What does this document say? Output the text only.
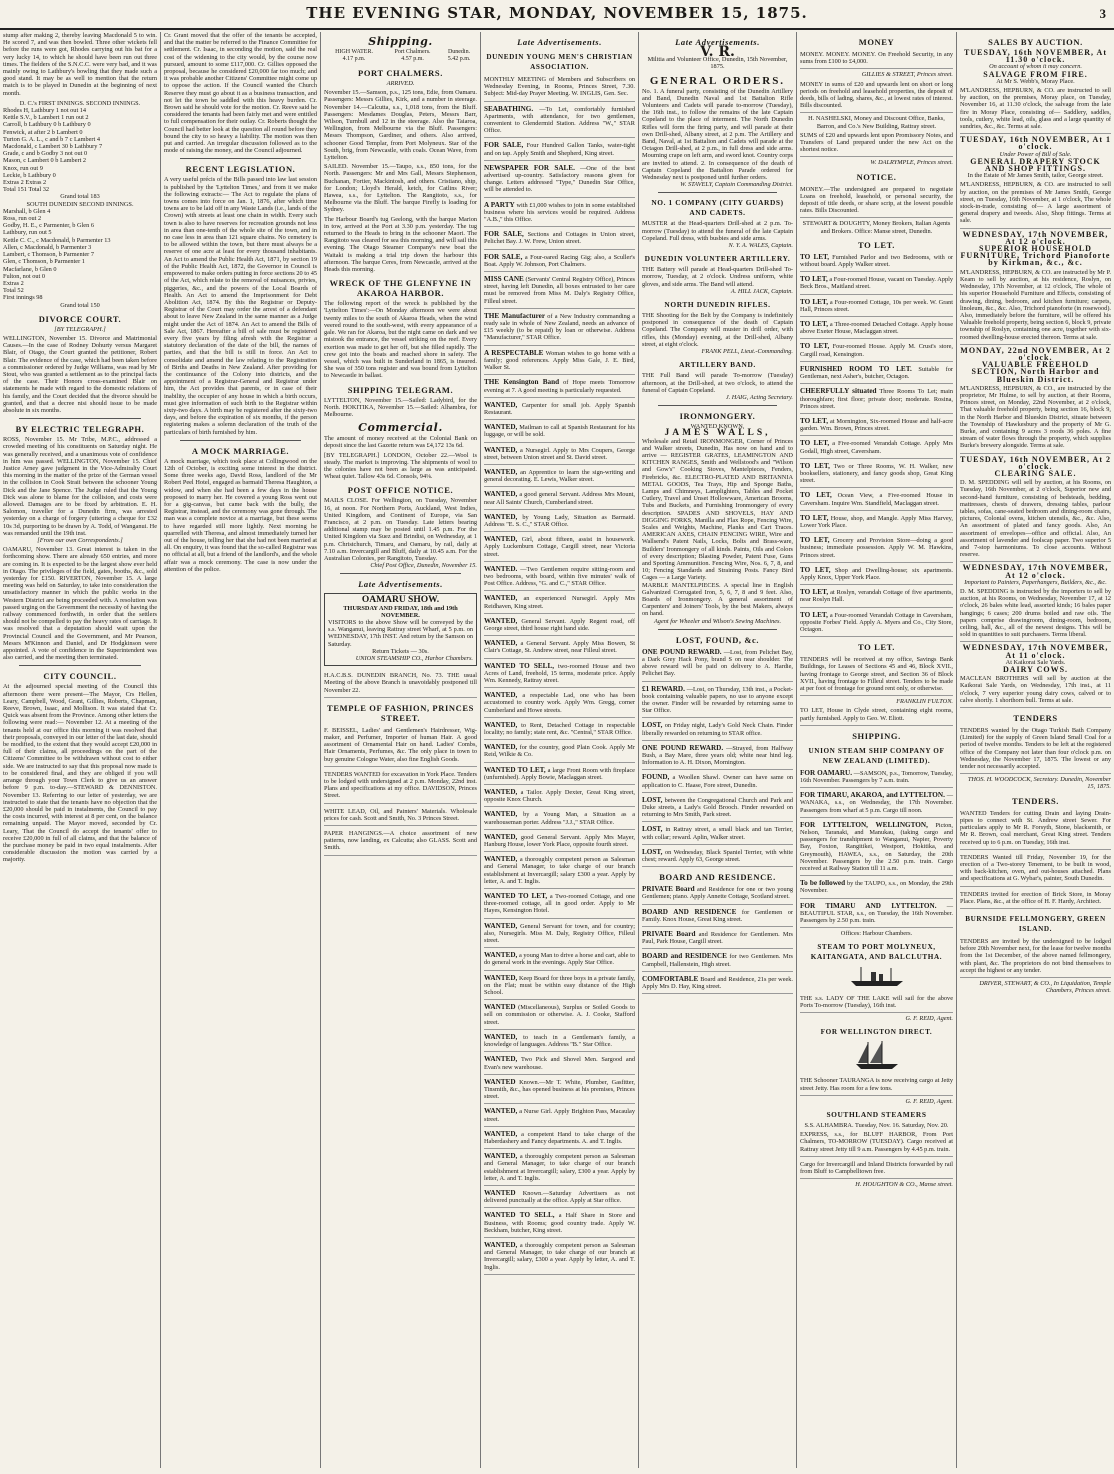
THE EVENING STAR, MONDAY, NOVEMBER 15, 1875.	3

stump after making 2, thereby leaving Macdonald 5 to win. He scored 7, and was then bowled. Three other wickets fell before the runs were got, Rhodes carrying out his bat for a very lucky 14, to which he should have been run out three times. The fielders of the S.N.C.C. were very bad, and it was mainly owing to Lathbury's bowling that they made such a good stand. It may be as well to mention that the return match is to be played in Dunedin at the beginning of next month.

D. C.'s FIRST INNINGS. SECOND INNINGS.
Rhodes H, Lathbury 1 not out 14
Kettle S.V., b Lambert 1 run out 2
Carroll, b Lathbury 0 b Lathbury 0
Fenwick, at after 2 b Lambert 0
Turton G. A. L., c and b 7 c Lambert 4
Macdonald, c Lambert 30 b Lathbury 7
Grade, c and b Godby 3 not out 0
Mason, c Lambert 0 b Lambert 2
Knox, run out 9
Leckie, b Lathbury 0
Extras 2 Extras 2
Total 151 Total 32
Grand total 183
SOUTH DUNEDIN SECOND INNINGS.
Marshall, b Glen 4
Ross, run out 2
Godby, H. E., c Parmenter, b Glen 6
Lathbury, run out 5
Kettle C. C., c Macdonald, b Parmenter 13
Allen, c Macdonald, b Parmenter 3
Lambert, c Thomson, b Parmenter 7
Glen, c Thomson, b Parmenter 1
Macfarlane, b Glen 0
Fulton, not out 0
Extras 2
Total 52
First innings 98
Grand total 150
DIVORCE COURT.
[BY TELEGRAPH.]

WELLINGTON, November 15. Divorce and Matrimonial Causes.—In the case of Rodney Dohurty versus Margaret Blair, of Otago, the Court granted the petitioner, Robert Blair. The evidence of the case, which had been taken before a commissioner ordered by Judge Williams, was read by Mr Stout, who was granted a settlement as to the principal facts of the case. Their Honors cross-examined Blair on statements he made with regard to the domestic relations of his family, and the Court decided that the divorce should be granted, and that a decree nisi should issue to be made absolute in six months.

BY ELECTRIC TELEGRAPH.

ROSS, November 15. Mr Tribe, M.P.C., addressed a crowded meeting of his constituents on Saturday night. He was generally received, and a unanimous vote of confidence in him was passed. WELLINGTON, November 15. Chief Justice Arney gave judgment in the Vice-Admiralty Court this morning in the matter of the prize of the German vessel in the collision in Cook Strait between the schooner Young Dick and the Jane Spence. The Judge ruled that the Young Dick was alone to blame for the collision, and costs were allowed. Damages are to be fixed by arbitration. E. H. Salomon, traveller for a Dunedin firm, was arrested yesterday on a charge of forgery (uttering a cheque for £32 10s 3d, purporting to be drawn by A. Todd, of Wanganui. He was remanded until the 19th inst.

[From our own Correspondents.]

OAMARU, November 13. Great interest is taken in the forthcoming show. There are already 650 entries, and more are coming in. It is expected to be the largest show ever held in Otago. The privileges of the field, gates, booths, &c., sold yesterday for £150. RIVERTON, November 15. A large meeting was held on Saturday, to take into consideration the unsatisfactory manner in which the public works in the Western District are being proceeded with. A resolution was passed urging on the Government the necessity of having the railway commenced forthwith, in order that the settlers should not be compelled to pay the heavy rates of carriage. It was resolved that a deputation should wait upon the Provincial Council and the Government, and Mr Pearson, Messrs M'Kinnon and Daniel, and Dr Hodgkinson were appointed. A vote of confidence in the Superintendent was also carried, and the meeting then terminated.

CITY COUNCIL.

At the adjourned special meeting of the Council this afternoon there were present—The Mayor, Crs Hellen, Leary, Campbell, Wood, Grant, Gillies, Roberts, Chapman, Reeve, Brown, Isaac, and Mollison. It was stated that Cr. Quick was absent from the Province. Among other letters the following were read:— November 12. At a meeting of the tenants held at our office this morning it was resolved that their proposals, conveyed in our letter of the last date, should be modified, to the extent that they would accept £20,000 in full of their claims, all proceedings on the part of the Citizens' Committee to be withdrawn without cost to either side. We are instructed to say that this proposal now made is to be considered final, and they are obliged if you will arrange through your Town Clerk to give us an answer before 9 p.m. to-day.—STEWARD & DENNISTON. November 13. Referring to our letter of yesterday, we are instructed to state that the tenants have no objection that the £20,000 should be paid in instalments, the Council to pay the costs incurred, with interest at 8 per cent, on the balance remaining unpaid. The Mayor moved, seconded by Cr. Leary, That the Council do accept the tenants' offer to receive £20,000 in full of all claims, and that the balance of the purchase money be paid in two equal instalments. After considerable discussion the motion was carried by a majority.

Cr. Grant moved that the offer of the tenants be accepted, and that the matter be referred to the Finance Committee for settlement. Cr. Isaac, in seconding the motion, said the real cost of the widening to the city would, by the course now pursued, amount to some £117,000. Cr. Gillies opposed the proposal, because he considered £20,000 far too much; and it was probable another Citizens' Committee might come up to oppose the action. If the Council wanted the Church Reserve they must go about it as a business transaction, and not let the town be saddled with this heavy burden. Cr. Brown said he should vote for the motion. Cr. Reeve said he considered the tenants had been fairly met and were entitled to full compensation for their outlay. Cr. Roberts thought the Council had better look at the question all round before they bound the city to so heavy a liability. The motion was then put and carried. An irregular discussion followed as to the mode of raising the money, and the Council adjourned.

RECENT LEGISLATION.

A very useful précis of the Bills passed into law last session is published by the 'Lyttelton Times,' and from it we make the following extracts:— The Act to regulate the plans of towns comes into force on Jan. 1, 1876, after which time towns are to be laid off in any Waste Lands (i.e., lands of the Crown) with streets at least one chain in width. Every such town is also to have reserves for recreation grounds not less in area than one-tenth of the whole site of the town, and in no case less in area than 121 square chains. No cemetery is to be allowed within the town, but there must always be a reserve of one acre at least for every thousand inhabitants. An Act to amend the Public Health Act, 1871, by section 19 of the Public Health Act, 1872, the Governor in Council is empowered to make orders putting in force sections 20 to 45 of the Act, which relate to the removal of nuisances, privies, piggeries, &c., and the powers of the Local Boards of Health. An Act to amend the Imprisonment for Debt Abolition Act, 1874. By this the Registrar or Deputy-Registrar of the Court may order the arrest of a defendant about to leave New Zealand in the same manner as a Judge might under the Act of 1874. An Act to amend the Bills of Sale Act, 1867. Hereafter a bill of sale must be registered every five years by filing afresh with the Registrar a statutory declaration of the date of the bill, the names of parties, and that the bill is still in force. An Act to consolidate and amend the law relating to the Registration of Births and Deaths in New Zealand. After providing for the continuance of the Colony into districts, and the appointment of a Registrar-General and Registrar under him, the Act provides that parents, or in case of their inability, the occupier of any house in which a birth occurs, must give information of such birth to the Registrar within sixty-two days. A birth may be registered after the sixty-two days, and before the expiration of six months, if the person registering makes a solemn declaration of the truth of the particulars of birth furnished by him.

A MOCK MARRIAGE.

A mock marriage, which took place at Collingwood on the 12th of October, is exciting some interest in the district. Some three weeks ago, David Ross, landlord of the Mr Robert Peel Hotel, engaged as barmaid Theresa Haughton, a widow, and when she had been a few days in the house proposed to marry her. He covered a young Ross went out for a gig-canvas, but came back with the bully, the Registrar, instead, and the ceremony was gone through. The man was a complete novice at a marriage, but these seems to have regarded still more lightly. Next morning he quarrelled with Theresa, and almost immediately turned her out of the house, telling her that she had not been married at all. On enquiry, it was found that the so-called Registrar was no official at all, but a friend of the landlord's, and the whole affair was a mock ceremony. The case is now under the attention of the police.

Shipping.
HIGH WATER.	Port Chalmers.	Dunedin.
4.17 p.m.	4.57 p.m.	5.42 p.m.
PORT CHALMERS.
ARRIVED.

November 15.—Samson, p.s., 125 tons, Edie, from Oamaru. Passengers: Messrs Gillies, Kirk, and a number in steerage. November 14.—Calcutta, s.s., 1,018 tons, from the Bluff. Passengers: Mesdames Douglas, Peters, Messrs Barr, Wilson, Turnbull and 12 in the steerage. Also the Taiaroa, Wellington, from Melbourne via the Bluff. Passengers: Messrs Thompson, Gardiner, and others. Also arrived, schooner Good Templar, from Port Molyneux. Star of the South, brig, from Newcastle, with coals. Ocean Wave, from Lyttelton.

SAILED. November 15.—Taupo, s.s., 850 tons, for the North. Passengers: Mr and Mrs Gall, Messrs Stephenson, Buchanan, Fortier, Mackintosh, and others. Cristiano, ship, for London; Lloyd's Herald, ketch, for Catlins River; Hawea, s.s., for Lyttelton. The Rangitoto, s.s., for Melbourne via the Bluff. The barque Firefly is loading for Sydney.

The Harbour Board's tug Geelong, with the barque Marion in tow, arrived at the Port at 3.30 p.m. yesterday. The tug returned to the Heads to bring in the schooner Maori. The Rangitoto was cleared for sea this morning, and will sail this evening. The Otago Steamer Company's new boat the Waitaki is making a trial trip down the harbour this afternoon. The barque Ceres, from Newcastle, arrived at the Heads this morning.

WRECK OF THE GLENFYNE IN AKAROA HARBOR.

The following report of the wreck is published by the 'Lyttelton Times':—On Monday afternoon we were about twenty miles to the south of Akaroa Heads, when the wind veered round to the south-west, with every appearance of a gale. We ran for Akaroa, but the night came on dark and we mistook the entrance, the vessel striking on the reef. Every exertion was made to get her off, but she filled rapidly. The crew got into the boats and reached shore in safety. The vessel, which was built in Sunderland in 1865, is insured. She was of 350 tons register and was bound from Lyttelton to Newcastle in ballast.

SHIPPING TELEGRAM.

LYTTELTON, November 15.—Sailed: Ladybird, for the North. HOKITIKA, November 15.—Sailed: Alhambra, for Melbourne.

Commercial.

The amount of money received at the Colonial Bank on deposit since the last Gazette return was £4,172 13s 6d.

[BY TELEGRAPH.] LONDON, October 22.—Wool is steady. The market is improving. The shipments of wool to the colonies have not been as large as was anticipated. Wheat quiet. Tallow 43s 6d. Consols, 94⅛.

POST OFFICE NOTICE.

MAILS CLOSE. For Wellington, on Tuesday, November 16, at noon. For Northern Ports, Auckland, West Indies, United Kingdom, and Continent of Europe, via San Francisco, at 2 p.m. on Tuesday. Late letters bearing additional stamp may be posted until 1.45 p.m. For the United Kingdom via Suez and Brindisi, on Wednesday, at 1 p.m. Christchurch, Timaru, and Oamaru, by rail, daily at 7.10 a.m. Invercargill and Bluff, daily at 10.45 a.m. For the Australian Colonies, per Rangitoto, Tuesday.

Chief Post Office, Dunedin, November 15.
Late Advertisements.
OAMARU SHOW.
THURSDAY AND FRIDAY, 18th and 19th NOVEMBER.
VISITORS to the above Show will be conveyed by the s.s. Wanganui, leaving Rattray street Wharf, at 5 p.m. on WEDNESDAY, 17th INST. And return by the Samson on Saturday.
Return Tickets — 30s.
UNION STEAMSHIP CO., Harbor Chambers.
H.A.C.B.S. DUNEDIN BRANCH, No. 73. THE usual Meeting of the above Branch is unavoidably postponed till November 22.
TEMPLE OF FASHION, PRINCES STREET.
F. BEISSEL, Ladies' and Gentlemen's Hairdresser, Wig-maker, and Perfumer, Importer of human Hair. A good assortment of Ornamental Hair on hand. Ladies' Combs, Hair Ornaments, Perfumes, &c. The only place in town to buy genuine Cologne Water, also fine English Goods.
TENDERS WANTED for excavation in York Place. Tenders to be lodged with undersigned at 2 p.m. Monday, 22nd inst. Plans and specifications at my office. DAVIDSON, Princes Street.
WHITE LEAD, Oil, and Painters' Materials. Wholesale prices for cash. Scott and Smith, No. 3 Princes Street.
PAPER HANGINGS.—A choice assortment of new patterns, now landing, ex Calcutta; also GLASS. Scott and Smith.
Late Advertisements.
DUNEDIN YOUNG MEN'S CHRISTIAN ASSOCIATION.
MONTHLY MEETING of Members and Subscribers on Wednesday Evening, in Rooms, Princes Street, 7.30. Subject: Mid-day Prayer Meeting. W. INGLIS, Gen. Sec.
SEABATHING. —To Let, comfortably furnished Apartments, with attendance, for two gentlemen, convenient to Glendermid Station. Address "W.," STAR Office.
FOR SALE, Four Hundred Gallon Tanks, water-tight and on tap. Apply Smith and Shepherd, King street.
NEWSPAPER FOR SALE. —One of the best advertised up-country. Satisfactory reasons given for change. Letters addressed "Type," Dunedin Star Office, will be attended to.
A PARTY with £1,000 wishes to join in some established business where his services would be required. Address "A.B.," this Office.
FOR SALE, Sections and Cottages in Union street, Pelichet Bay. J. W. Frew, Union street.
FOR SALE, a Four-oared Racing Gig; also, a Sculler's Boat. Apply W. Johnson, Port Chalmers.
MISS CANE (Servants' Central Registry Office), Princes street, having left Dunedin, all boxes entrusted to her care must be removed from Miss M. Daly's Registry Office, Filleul street.
THE Manufacturer of a New Industry commanding a ready sale in whole of New Zealand, needs an advance of £15 weekly (to be repaid) by loan or otherwise. Address "Manufacturer," STAR Office.
A RESPECTABLE Woman wishes to go home with a family; good references. Apply Miss Gale, J. E. Bird, Walker St.
THE Kensington Band of Hope meets Tomorrow evening at 7. A good meeting is particularly requested.
WANTED, Carpenter for small job. Apply Spanish Restaurant.
WANTED, Mailman to call at Spanish Restaurant for his luggage, or will be sold.
WANTED, a Nursegirl. Apply to Mrs Coupers, George street, between Union street and St. David street.
WANTED, an Apprentice to learn the sign-writing and general decorating. E. Lewis, Walker street.
WANTED, a good general Servant. Address Mrs Mount, near All Saints' Church, Cumberland street.
WANTED, by Young Lady, Situation as Barmaid. Address "E. S. C.," STAR Office.
WANTED, Girl, about fifteen, assist in housework. Apply Luckenburn Cottage, Cargill street, near Victoria street.
WANTED. —Two Gentlemen require sitting-room and two bedrooms, with board, within five minutes' walk of Post Office. Address, "G. and C.," STAR Office.
WANTED, an experienced Nursegirl. Apply Mrs Reidhaven, King street.
WANTED, General Servant. Apply Regent road, off George street, third house right hand side.
WANTED, a General Servant. Apply Miss Bowen, St Clair's Cottage, St. Andrew street, near Filleul street.
WANTED TO SELL, two-roomed House and two Acres of Land, freehold, 15 terms, moderate price. Apply Wm. Kennedy, Rattray street.
WANTED, a respectable Lad, one who has been accustomed to country work. Apply Wm. Gregg, corner Cumberland and Howe streets.
WANTED, to Rent, Detached Cottage in respectable locality; no family; state rent, &c. "Central," STAR Office.
WANTED, for the country, good Plain Cook. Apply Mr Reid, Wilkie & Co.
WANTED TO LET, a large Front Room with fireplace (unfurnished). Apply Bowie, Maclaggan street.
WANTED, a Tailor. Apply Dexter, Great King street, opposite Knox Church.
WANTED, by a Young Man, a Situation as a warehouseman porter. Address "J.J.," STAR Office.
WANTED, good General Servant. Apply Mrs Mayer, Hanburg House, lower York Place, opposite fourth street.
WANTED, a thoroughly competent person as Salesman and General Manager, to take charge of our branch establishment at Invercargill; salary £300 a year. Apply by letter, A. and T. Inglis.
WANTED TO LET, a Two-roomed Cottage, and one three-roomed cottage, all in good order. Apply to Mr Hayes, Kensington Hotel.
WANTED, General Servant for town, and for country; also, Nursegirls. Miss M. Daly, Registry Office, Filleul street.
WANTED, a young Man to drive a horse and cart, able to do general work in the evenings. Apply Star Office.
WANTED, Keep Board for three boys in a private family, on the Flat; must be within easy distance of the High School.
WANTED (Miscellaneous), Surplus or Soiled Goods to sell on commission or otherwise. A. J. Cooke, Stafford street.
WANTED, to teach in a Gentleman's family, a knowledge of languages. Address "B." Star Office.
WANTED, Two Pick and Shovel Men. Sargood and Evan's new warehouse.
WANTED Known.—Mr T. White, Plumber, Gasfitter, Tinsmith, &c., has opened business at his premises, Princes street.
WANTED, a Nurse Girl. Apply Brighton Pass, Macaulay street.
WANTED, a competent Hand to take charge of the Haberdashery and Fancy departments. A. and T. Inglis.
WANTED, a thoroughly competent person as Salesman and General Manager, to take charge of our branch establishment at Invercargill; salary, £300 a year. Apply by letter, A. and T. Inglis.
WANTED Known.—Saturday Advertisers as not delivered punctually at the office. Apply at Star office.
WANTED TO SELL, a Half Share in Store and Business, with Rooms; good country trade. Apply W. Beckham, butcher, King street.
WANTED, a thoroughly competent person as Salesman and General Manager, to take charge of our branch at Invercargill; salary, £300 a year. Apply by letter, A. and T. Inglis.
Late Advertisements.
V. R.
Militia and Volunteer Office, Dunedin, 15th November, 1875.
GENERAL ORDERS.

No. 1. A funeral party, consisting of the Dunedin Artillery and Band, Dunedin Naval and 1st Battalion Rifle Volunteers and Cadets will parade to-morrow (Tuesday), the 16th inst., to follow the remains of the late Captain Copeland to the place of interment. The North Dunedin Rifles will form the firing party, and will parade at their own Drill-shed, Albany street, at 2 p.m. The Artillery and Band, Naval, at 1st Battalion and Cadets will parade at the Octagon Drill-shed, at 2 p.m., in full dress and side arms. Mourning crape on left arm, and sword knot. Country corps are invited to attend. 2. In consequence of the death of Captain Copeland the Battalion Parade ordered for Wednesday next is postponed until further orders.

W. STAVELY, Captain Commanding District.
NO. 1 COMPANY (CITY GUARDS) AND CADETS.

MUSTER at the Head-quarters Drill-shed at 2 p.m. To-morrow (Tuesday) to attend the funeral of the late Captain Copeland. Full dress, with busbies and side arms.

N. Y. A. WALES, Captain.
DUNEDIN VOLUNTEER ARTILLERY.

THE Battery will parade at Head-quarters Drill-shed To-morrow, Tuesday, at 2 o'clock. Undress uniform, white gloves, and side arms. The Band will attend.

A. HILL JACK, Captain.
NORTH DUNEDIN RIFLES.

THE Shooting for the Belt by the Company is indefinitely postponed in consequence of the death of Captain Copeland. The Company will muster in drill order, with rifles, this (Monday) evening, at the Drill-shed, Albany street, at eight o'clock.

FRANK PELL, Lieut.-Commanding.
ARTILLERY BAND.

THE Full Band will parade To-morrow (Tuesday) afternoon, at the Drill-shed, at two o'clock, to attend the funeral of Captain Copeland.

J. HAIG, Acting Secretary.
IRONMONGERY.
WANTED KNOWN,
JAMES WALLS,

Wholesale and Retail IRONMONGER, Corner of Princes and Walker streets, Dunedin, Has now on hand and to arrive — REGISTER GRATES, LEAMINGTON AND KITCHEN RANGES, Smith and Wellstood's and "Wilson and Gow's" Cooking Stoves, Mantelpieces, Fenders, Firebricks, &c. ELECTRO-PLATED AND BRITANNIA METAL GOODS, Tea Trays, Hip and Sponge Baths, Lamps and Chimneys, Lamplighters, Tables and Pocket Cutlery, Travel and Unset Hollowware, American Brooms, Tubs and Buckets, and Furnishing Ironmongery of every description. SPADES AND SHOVELS, HAY AND DIGGING FORKS, Manilla and Flax Rope, Fencing Wire, Scales and Weights, Machine, Planks and Cart Traces. AMERICAN AXES, CHAIN FENCING WIRE, Wire and Wallsend's Patent Nails, Locks, Bolts and Brass-ware, Builders' Ironmongery of all kinds. Paints, Oils and Colors of every description; Blasting Powder, Patent Fuse, Guns and Sporting Ammunition. Fencing Wire, Nos. 6, 7, 8, and 10; Fencing Standards and Straining Posts. Fancy Bird Cages — a Large Variety.

MARBLE MANTELPIECES. A special line in English Galvanized Corrugated Iron, 5, 6, 7, 8 and 9 feet. Also, Boards of Ironmongery. A general assortment of Carpenters' and Joiners' Tools, by the best Makers, always on hand.

Agent for Wheeler and Wilson's Sewing Machines.
LOST, FOUND, &c.
ONE POUND REWARD. —Lost, from Pelichet Bay, a Dark Grey Hack Pony, brand S on near shoulder. The above reward will be paid on delivery to A. Hardie, Pelichet Bay.
£1 REWARD. —Lost, on Thursday, 13th inst., a Pocket-book containing valuable papers, no use to anyone except the owner. Finder will be rewarded by returning same to Star Office.
LOST, on Friday night, Lady's Gold Neck Chain. Finder liberally rewarded on returning to STAR office.
ONE POUND REWARD. —Strayed, from Halfway Bush, a Bay Mare, three years old; white near hind leg. Information to A. H. Dixon, Mornington.
FOUND, a Woollen Shawl. Owner can have same on application to C. Haase, Fore street, Dunedin.
LOST, between the Congregational Church and Park and Duke streets, a Lady's Gold Brooch. Finder rewarded on returning to Mrs Smith, Park street.
LOST, in Rattray street, a small black and tan Terrier, with collar; reward. Aplin, Walker street.
LOST, on Wednesday, Black Spaniel Terrier, with white chest; reward. Apply 63, George street.
BOARD AND RESIDENCE.
PRIVATE Board and Residence for one or two young Gentlemen; piano. Apply Annette Cottage, Scotland street.
BOARD AND RESIDENCE for Gentlemen or Family. Knox House, Great King street.
PRIVATE Board and Residence for Gentlemen. Mrs Paul, Park House, Cargill street.
BOARD and RESIDENCE for two Gentlemen. Mrs Campbell, Hallenstein, High street.
COMFORTABLE Board and Residence, 21s per week. Apply Mrs D. Hay, King street.
MONEY
MONEY. MONEY. MONEY. On Freehold Security, in any sums from £100 to £4,000.
GILLIES & STREET, Princes street.
MONEY in sums of £20 and upwards lent on short or long periods on freehold and leasehold properties, the deposit of deeds, bills of lading, shares, &c., at lowest rates of interest. Bills discounted.
H. NASHELSKI, Money and Discount Office, Banks, Barron, and Co.'s New Building, Rattray street.
SUMS of £20 and upwards lent upon Promissory Notes, and Transfers of Land prepared under the new Act on the shortest notice.
W. DALRYMPLE, Princes street.
NOTICE.
MONEY.—The undersigned are prepared to negotiate Loans on freehold, leasehold, or personal security, the deposit of title deeds, or share scrip, at the lowest possible rates. Bills Discounted.
STEWART & DOUGHTY, Money Brokers, Italian Agents and Brokers. Office: Manse street, Dunedin.
TO LET.
TO LET, Furnished Parlor and two Bedrooms, with or without board. Apply Walker street.
TO LET, a Four-roomed House, vacant on Tuesday. Apply Beck Bros., Maitland street.
TO LET, a Four-roomed Cottage, 10s per week. W. Grant Hall, Princes street.
TO LET, a Three-roomed Detached Cottage. Apply house above Exeter House, Maclaggan street.
TO LET, Four-roomed House. Apply M. Crust's store, Cargill road, Kensington.
FURNISHED ROOM TO LET. Suitable for Gentleman, next Asher's, butcher, Octagon.
CHEERFULLY situated Three Rooms To Let; main thoroughfare; first floor; private door; moderate. Rosina, Princes street.
TO LET, at Mornington, Six-roomed House and half-acre garden. Wm. Brown, Princes street.
TO LET, a Five-roomed Verandah Cottage. Apply Mrs Godall, High street, Caversham.
TO LET, Two or Three Rooms, W. H. Walker, new booksellers, stationery, and fancy goods shop, Great King street.
TO LET, Ocean View, a Five-roomed House in Caversham. Inquire Wm. Standfield, Maclaggan street.
TO LET, House, shop, and Mangle. Apply Miss Harvey, Lower York Place.
TO LET, Grocery and Provision Store—doing a good business; immediate possession. Apply W. M. Hawkins, Princes street.
TO LET, Shop and Dwelling-house; six apartments. Apply Knox, Upper York Place.
TO LET, at Roslyn, verandah Cottage of five apartments, near Roslyn Hall.
TO LET, a Four-roomed Verandah Cottage in Caversham, opposite Forbes' Field. Apply A. Myers and Co., City Store, Octagon.
TO LET.
TENDERS will be received at my office, Savings Bank Buildings, for Leases of Sections 45 and 46, Block XVII., having frontage to George street, and Section 36 of Block XVII., having frontage to Filleul street. Tenders to be made at per foot of frontage for ground rent only, or otherwise.
FRANKLIN FULTON.
TO LET, House in Clyde street, containing eight rooms, partly furnished. Apply to Geo. W. Eliott.
SHIPPING.
UNION STEAM SHIP COMPANY OF NEW ZEALAND (LIMITED).
FOR OAMARU. —SAMSON, p.s., Tomorrow, Tuesday, 16th November. Passengers by 7 a.m. train.
FOR TIMARU, AKAROA, and LYTTELTON. —WANAKA, s.s., on Wednesday, the 17th November. Passengers from wharf at 5 p.m. Cargo till noon.
FOR LYTTELTON, WELLINGTON, Picton, Nelson, Taranaki, and Manukau, (taking cargo and passengers for transhipment to Wanganui, Napier, Poverty Bay, Foxton, Rangitikei, Westport, Hokitika, and Greymouth), HAWEA, s.s., on Saturday, the 20th November. Passengers by the 2.50 p.m. train. Cargo received at Railway Station till 11 a.m.
To be followed by the TAUPO, s.s., on Monday, the 29th November.
FOR TIMARU AND LYTTELTON. —BEAUTIFUL STAR, s.s., on Tuesday, the 16th November. Passengers by 2.50 p.m. train.
Offices: Harbour Chambers.
STEAM TO PORT MOLYNEUX, KAITANGATA, AND BALCLUTHA.
THE s.s. LADY OF THE LAKE will sail for the above Ports To-morrow (Tuesday), 16th inst.
G. F. REID, Agent.
FOR WELLINGTON DIRECT.
THE Schooner TAURANGA is now receiving cargo at Jetty street Jetty. Has room for a few tons.
G. F. REID, Agent.
SOUTHLAND STEAMERS
S.S. ALHAMBRA. Tuesday, Nov. 16. Saturday, Nov. 20.
EXPRESS, s.s., for BLUFF HARBOR, From Port Chalmers, TO-MORROW (TUESDAY). Cargo received at Rattray street Jetty till 9 a.m. Passengers by 4.45 p.m. train.
Cargo for Invercargill and Inland Districts forwarded by rail from Bluff to Campbelltown free.
H. HOUGHTON & CO., Manse street.
SALES BY AUCTION.
TUESDAY, 16th NOVEMBER, At 11.30 o'clock.
On account of whom it may concern.
SALVAGE FROM FIRE.
At Mr S. Webb's, Moray Place.
M'LANDRESS, HEPBURN, & CO. are instructed to sell by auction, on the premises, Moray place, on Tuesday, November 16, at 11.30 o'clock, the salvage from the late fire in Moray Place, consisting of— Saddlery, saddles, tools, cutlery, white lead, oils, glass and a large quantity of sundries, &c., &c. Terms at sale.
TUESDAY, 16th NOVEMBER, At 1 o'clock.
Under Power of Bill of Sale.
GENERAL DRAPERY STOCK AND SHOP FITTINGS.
In the Estate of Mr James Smith, tailor, George street.
M'LANDRESS, HEPBURN, & CO. are instructed to sell by auction, on the premises of Mr James Smith, George street, on Tuesday, 16th November, at 1 o'clock, The whole stock-in-trade, consisting of— A large assortment of general drapery and tweeds. Also, Shop fittings. Terms at sale.
WEDNESDAY, 17th NOVEMBER, At 12 o'clock.
SUPERIOR HOUSEHOLD FURNITURE, Trichord Pianoforte by Kirkman, &c., &c.
M'LANDRESS, HEPBURN, & CO. are instructed by Mr P. Keam to sell by auction, at his residence, Roslyn, on Wednesday, 17th November, at 12 o'clock, The whole of his superior Household Furniture and Effects, consisting of drawing, dining, bedroom, and kitchen furniture; carpets, linoleum, &c., &c. Also, Trichord pianoforte (in rosewood). Also, immediately before the furniture, will be offered his Valuable freehold property, being section 6, block 9, private township of Roslyn, containing one acre, together with six-roomed dwelling-house erected thereon. Terms at sale.
MONDAY, 22nd NOVEMBER, At 2 o'clock.
VALUABLE FREEHOLD SECTION, North Harbor and Blueskin District.
M'LANDRESS, HEPBURN, & CO., are instructed by the proprietor, Mr Hulme, to sell by auction, at their Rooms, Princes street, on Monday, 22nd November, at 2 o'clock, That valuable freehold property, being section 16, block 9, in the North Harbor and Blueskin District, situate between the Township of Hawkesbury and the property of Mr G. Burke, and containing 9 acres 3 roods 36 poles. A fine stream of water flows through the property, which supplies Burke's brewery alongside. Terms at sale.
TUESDAY, 16th NOVEMBER, At 2 o'clock.
CLEARING SALE.
D. M. SPEDDING will sell by auction, at his Rooms, on Tuesday, 16th November, at 2 o'clock, Superior new and second-hand furniture, consisting of bedsteads, bedding, mattresses, chests of drawers, dressing tables, parlour tables, sofas, cane-seated bedroom and dining-room chairs, pictures, Colonial ovens, kitchen utensils, &c., &c. Also, An assortment of plated and fancy goods. Also, An assortment of envelopes—office and official. Also, An assortment of lavender and foolscap paper. Two superior 5 and 7-stop harmoniums. To close accounts. Without reserve.
WEDNESDAY, 17th NOVEMBER, At 12 o'clock.
Important to Painters, Paperhangers, Builders, &c., &c.
D. M. SPEDDING is instructed by the importers to sell by auction, at his Rooms, on Wednesday, November 17, at 12 o'clock, 26 bales white lead, assorted kinds; 16 bales paper hangings; 6 cases; 200 drums boiled and raw oils. The papers comprise drawingroom, dining-room, bedroom, ceiling, hall, &c., all of the newest designs. This will be sold in quantities to suit purchasers. Terms liberal.
WEDNESDAY, 17th NOVEMBER, At 11 o'clock.
At Kaikorai Sale Yards.
DAIRY COWS.
MACLEAN BROTHERS will sell by auction at the Kaikorai Sale Yards, on Wednesday, 17th inst., at 11 o'clock, 7 very superior young dairy cows, calved or to calve shortly. 1 shorthorn bull. Terms at sale.
TENDERS
TENDERS wanted by the Otago Turkish Bath Company (Limited) for the supply of Green Island Small Coal for a period of twelve months. Tenders to be left at the registered office of the Company not later than four o'clock p.m. on Wednesday, the November 17, 1875. The lowest or any tender not necessarily accepted.
THOS. H. WOODCOCK, Secretary. Dunedin, November 15, 1875.
TENDERS.
WANTED Tenders for cutting Drain and laying Drain-pipes to connect with St. Andrew street Sewer. For particulars apply to Mr R. Forsyth, Stone, blacksmith, or Mr R. Brown, coal merchant, Great King street. Tenders received up to 6 p.m. on Tuesday, 16th inst.
TENDERS Wanted till Friday, November 19, for the erection of a Two-storey Tenement, to be built in wood, with back-kitchen, oven, and out-houses attached. Plans and specifications at G. Wybar's, painter, South Dunedin.
TENDERS invited for erection of Brick Store, in Moray Place. Plans, &c., at the office of H. F. Hardy, Architect.
BURNSIDE FELLMONGERY, GREEN ISLAND.
TENDERS are invited by the undersigned to be lodged before 20th November next, for the lease for twelve months from the 1st December, of the above named fellmongery, with plant, &c. The proprietors do not bind themselves to accept the highest or any tender.
DRIVER, STEWART, & CO., In Liquidation, Temple Chambers, Princes street.
